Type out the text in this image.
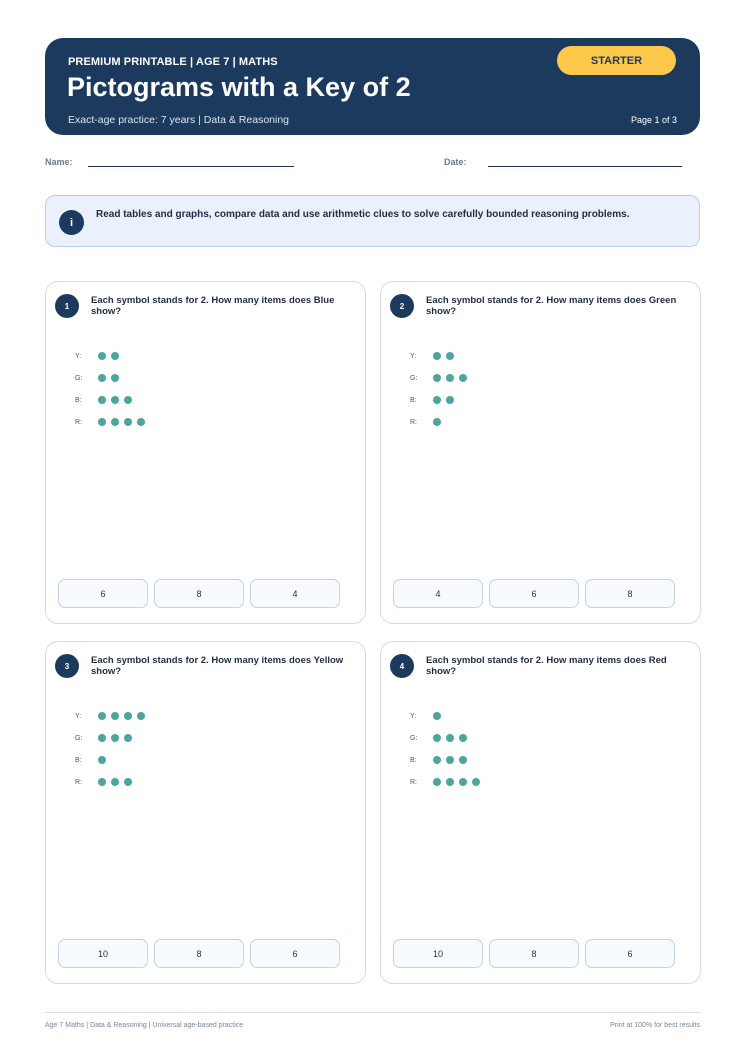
PREMIUM PRINTABLE | AGE 7 | MATHS
Pictograms with a Key of 2
Exact-age practice: 7 years | Data & Reasoning	Page 1 of 3
STARTER
Name:	Date:
i
Read tables and graphs, compare data and use arithmetic clues to solve carefully bounded reasoning problems.
1	Each symbol stands for 2. How many items does Blue show?
Y:
G:
B:
R:
6	8	4
2	Each symbol stands for 2. How many items does Green show?
Y:
G:
B:
R:
4	6	8
3	Each symbol stands for 2. How many items does Yellow show?
Y:
G:
B:
R:
10	8	6
4	Each symbol stands for 2. How many items does Red show?
Y:
G:
B:
R:
10	8	6
Age 7 Maths | Data & Reasoning | Universal age-based practice	Print at 100% for best results
